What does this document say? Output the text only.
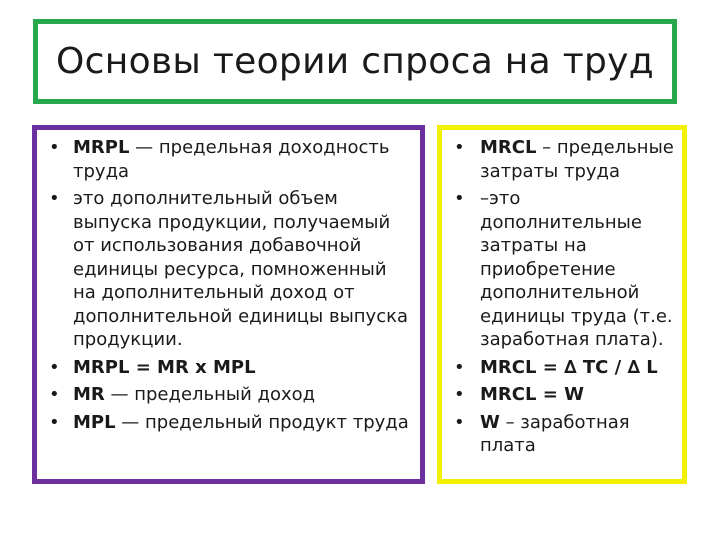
Основы теории спроса на труд
• MRPL — предельная доходность труда
• это дополнительный объем выпуска продукции, получаемый от использования добавочной единицы ресурса, помноженный на дополнительный доход от дополнительной единицы выпуска продукции.
• MRPL = MR x MPL
• MR — предельный доход
• MPL — предельный продукт труда
• MRCL – предельные затраты труда
• –это дополнительные затраты на приобретение дополнительной единицы труда (т.е. заработная плата).
• MRCL = ∆ TC / ∆ L
• MRCL = W
• W – заработная плата
